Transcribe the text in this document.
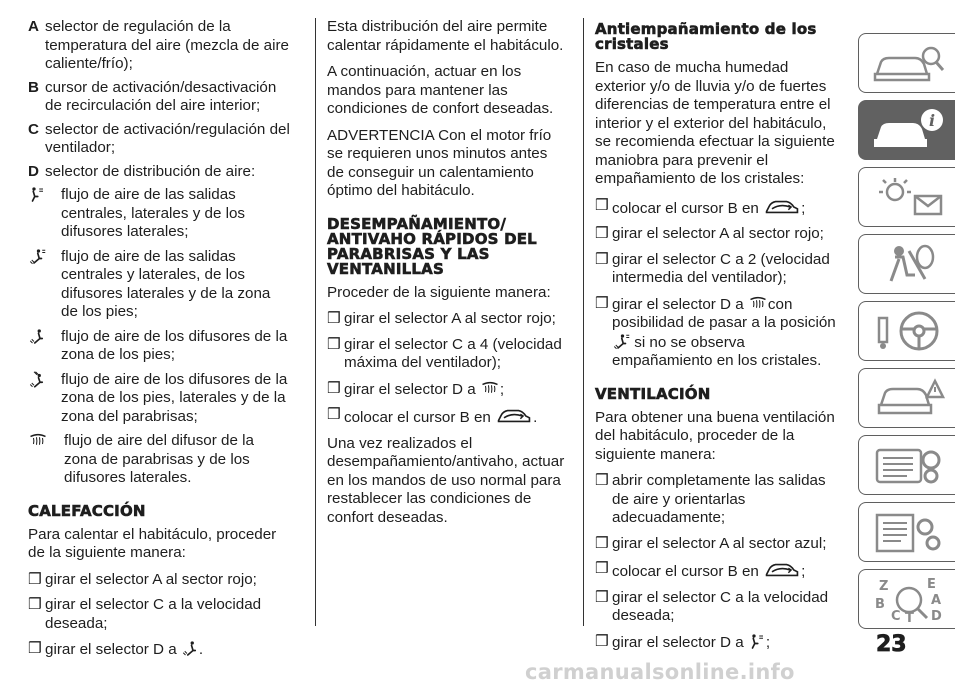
A selector de regulación de la temperatura del aire (mezcla de aire caliente/frío);
B cursor de activación/desactivación de recirculación del aire interior;
C selector de activación/regulación del ventilador;
D selector de distribución de aire:
flujo de aire de las salidas centrales, laterales y de los difusores laterales;
flujo de aire de las salidas centrales y laterales, de los difusores laterales y de la zona de los pies;
flujo de aire de los difusores de la zona de los pies;
flujo de aire de los difusores de la zona de los pies, laterales y de la zona del parabrisas;
flujo de aire del difusor de la zona de parabrisas y de los difusores laterales.
CALEFACCIÓN

Para calentar el habitáculo, proceder de la siguiente manera:

❒ girar el selector A al sector rojo;
❒ girar el selector C a la velocidad deseada;
❒ girar el selector D a .

Esta distribución del aire permite calentar rápidamente el habitáculo.

A continuación, actuar en los mandos para mantener las condiciones de confort deseadas.

ADVERTENCIA Con el motor frío se requieren unos minutos antes de conseguir un calentamiento óptimo del habitáculo.

DESEMPAÑAMIENTO/ ANTIVAHO RÁPIDOS DEL PARABRISAS Y LAS VENTANILLAS

Proceder de la siguiente manera:

❒ girar el selector A al sector rojo;
❒ girar el selector C a 4 (velocidad máxima del ventilador);
❒ girar el selector D a ;
❒ colocar el cursor B en	.

Una vez realizados el desempañamiento/antivaho, actuar en los mandos de uso normal para restablecer las condiciones de confort deseadas.

Antiempañamiento de los cristales

En caso de mucha humedad exterior y/o de lluvia y/o de fuertes diferencias de temperatura entre el interior y el exterior del habitáculo, se recomienda efectuar la siguiente maniobra para prevenir el empañamiento de los cristales:

❒ colocar el cursor B en	;
❒ girar el selector A al sector rojo;
❒ girar el selector C a 2 (velocidad intermedia del ventilador);
❒ girar el selector D a con posibilidad de pasar a la posición  si no se observa empañamiento en los cristales.
VENTILACIÓN

Para obtener una buena ventilación del habitáculo, proceder de la siguiente manera:

❒ abrir completamente las salidas de aire y orientarlas adecuadamente;
❒ girar el selector A al sector azul;
❒ colocar el cursor B en	;
❒ girar el selector C a la velocidad deseada;
❒ girar el selector D a ;
i
Z	E
B	A
C T D
23
carmanualsonline.info
